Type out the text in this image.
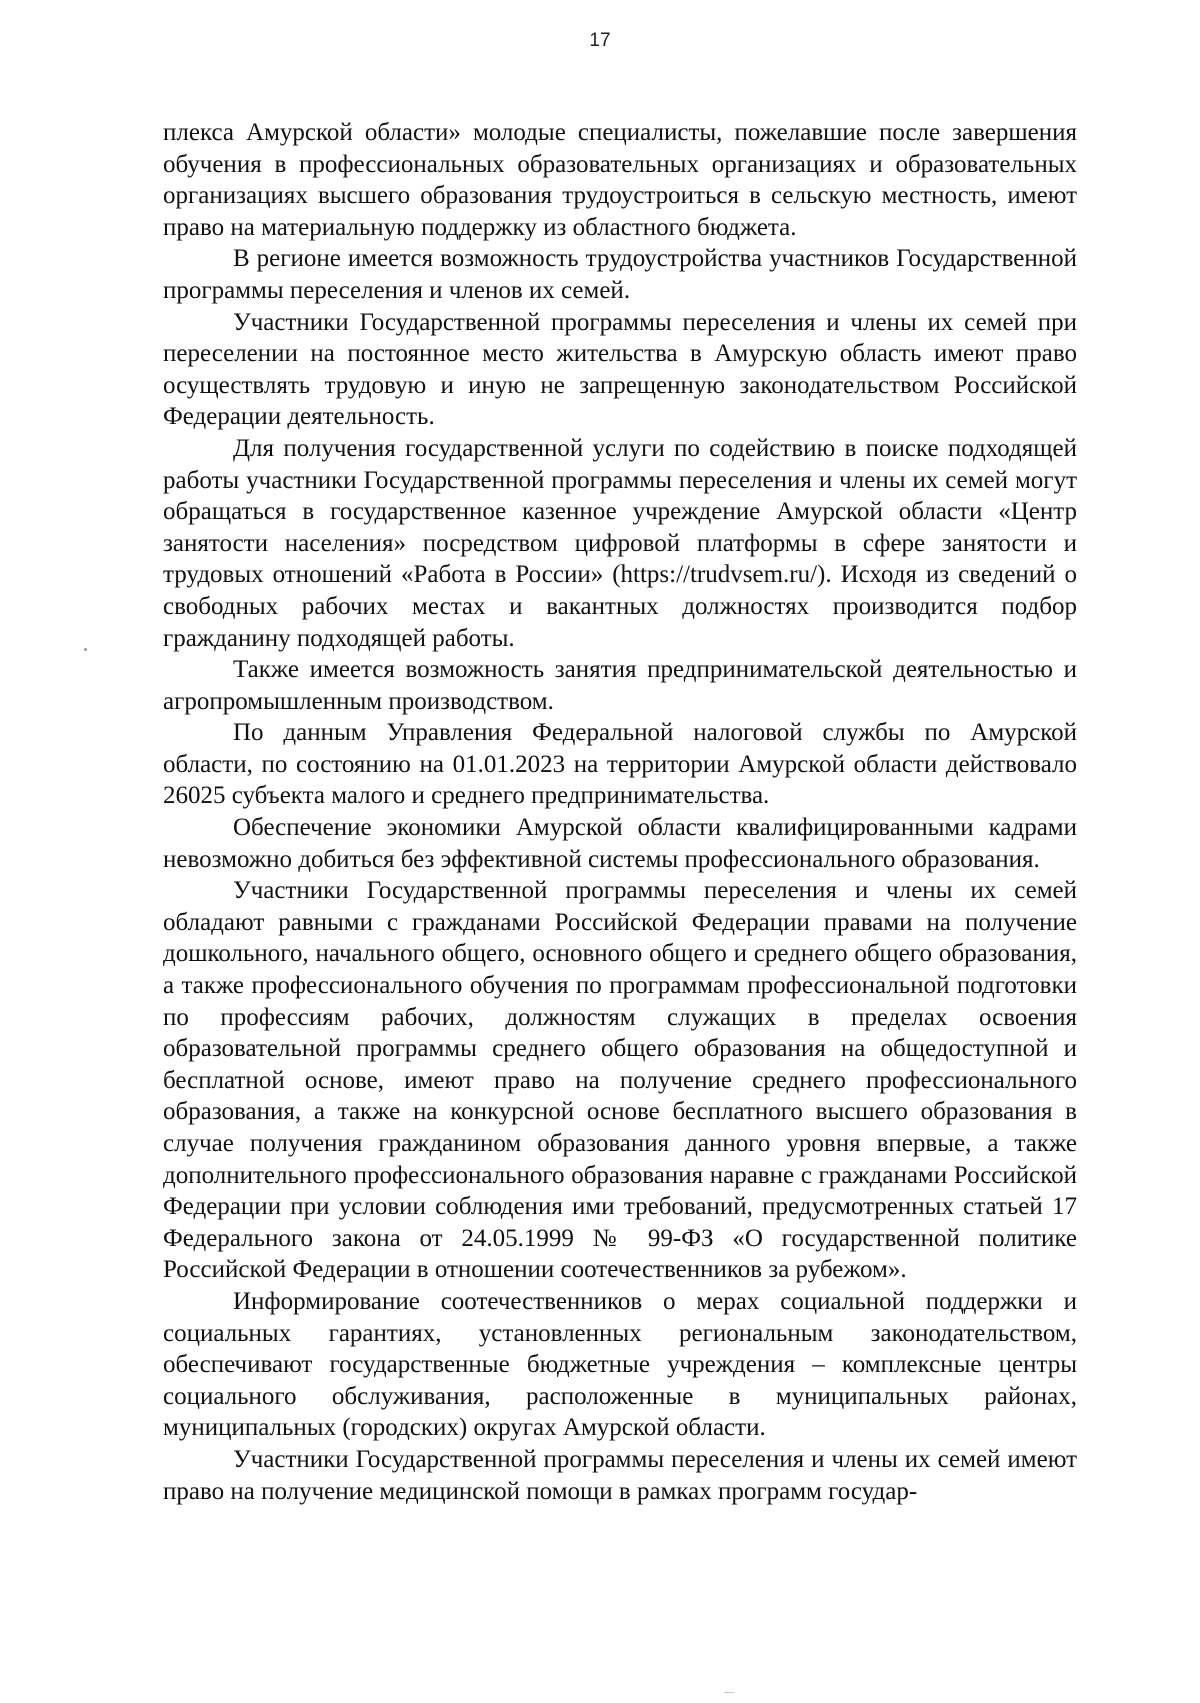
17

плекса Амурской области» молодые специалисты, пожелавшие после завершения обучения в профессиональных образовательных организациях и образовательных организациях высшего образования трудоустроиться в сельскую местность, имеют право на материальную поддержку из областного бюджета.

В регионе имеется возможность трудоустройства участников Государственной программы переселения и членов их семей.

Участники Государственной программы переселения и члены их семей при переселении на постоянное место жительства в Амурскую область имеют право осуществлять трудовую и иную не запрещенную законодательством Российской Федерации деятельность.

Для получения государственной услуги по содействию в поиске подходящей работы участники Государственной программы переселения и члены их семей могут обращаться в государственное казенное учреждение Амурской области «Центр занятости населения» посредством цифровой платформы в сфере занятости и трудовых отношений «Работа в России» (https://trudvsem.ru/). Исходя из сведений о свободных рабочих местах и вакантных должностях производится подбор гражданину подходящей работы.

Также имеется возможность занятия предпринимательской деятельностью и агропромышленным производством.

По данным Управления Федеральной налоговой службы по Амурской области, по состоянию на 01.01.2023 на территории Амурской области действовало 26025 субъекта малого и среднего предпринимательства.

Обеспечение экономики Амурской области квалифицированными кадрами невозможно добиться без эффективной системы профессионального образования.

Участники Государственной программы переселения и члены их семей обладают равными с гражданами Российской Федерации правами на получение дошкольного, начального общего, основного общего и среднего общего образования, а также профессионального обучения по программам профессиональной подготовки по профессиям рабочих, должностям служащих в пределах освоения образовательной программы среднего общего образования на общедоступной и бесплатной основе, имеют право на получение среднего профессионального образования, а также на конкурсной основе бесплатного высшего образования в случае получения гражданином образования данного уровня впервые, а также дополнительного профессионального образования наравне с гражданами Российской Федерации при условии соблюдения ими требований, предусмотренных статьей 17 Федерального закона от 24.05.1999 № 99-ФЗ «О государственной политике Российской Федерации в отношении соотечественников за рубежом».

Информирование соотечественников о мерах социальной поддержки и социальных гарантиях, установленных региональным законодательством, обеспечивают государственные бюджетные учреждения – комплексные центры социального обслуживания, расположенные в муниципальных районах, муниципальных (городских) округах Амурской области.

Участники Государственной программы переселения и члены их семей имеют право на получение медицинской помощи в рамках программ государ-
